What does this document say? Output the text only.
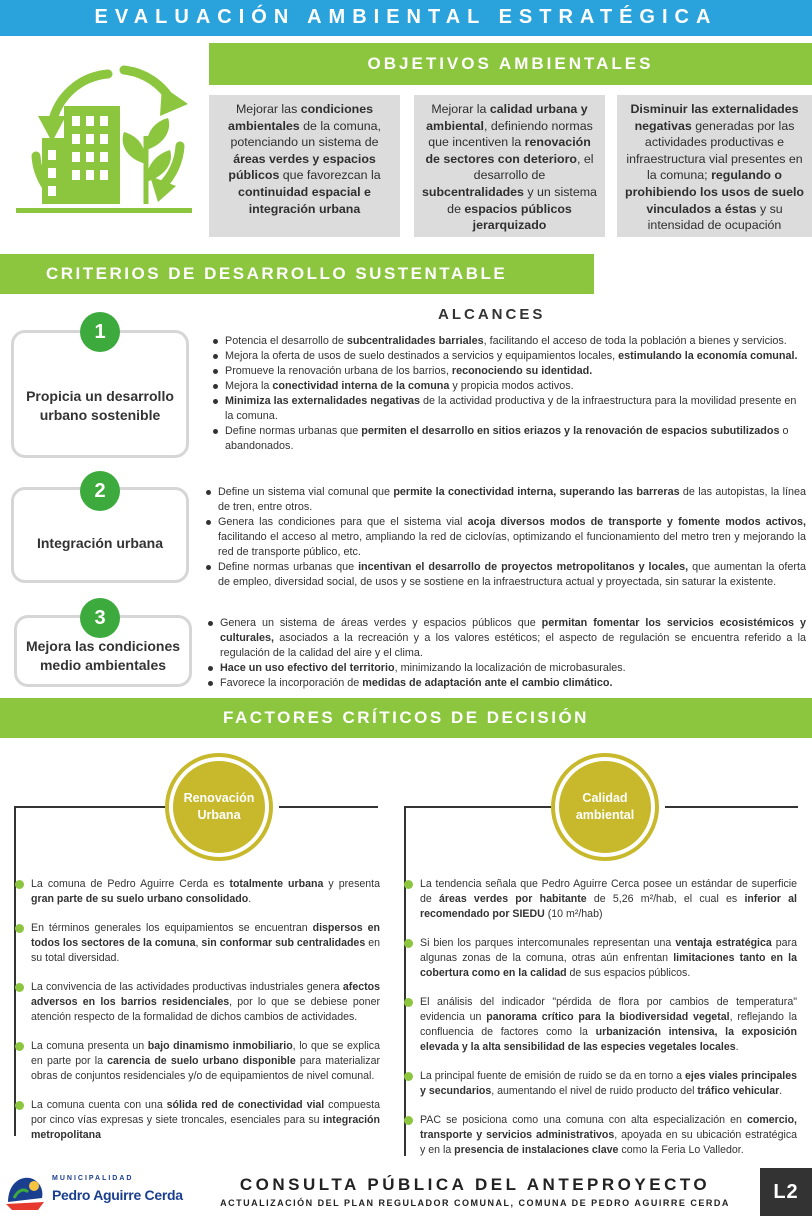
EVALUACIÓN AMBIENTAL ESTRATÉGICA
OBJETIVOS AMBIENTALES
Mejorar las condiciones ambientales de la comuna, potenciando un sistema de áreas verdes y espacios públicos que favorezcan la continuidad espacial e integración urbana
Mejorar la calidad urbana y ambiental, definiendo normas que incentiven la renovación de sectores con deterioro, el desarrollo de subcentralidades y un sistema de espacios públicos jerarquizado
Disminuir las externalidades negativas generadas por las actividades productivas e infraestructura vial presentes en la comuna; regulando o prohibiendo los usos de suelo vinculados a éstas y su intensidad de ocupación
CRITERIOS DE DESARROLLO SUSTENTABLE
ALCANCES
Propicia un desarrollo urbano sostenible
1	Potencia el desarrollo de subcentralidades barriales, facilitando el acceso de toda la población a bienes y servicios.
Mejora la oferta de usos de suelo destinados a servicios y equipamientos locales, estimulando la economía comunal.
Promueve la renovación urbana de los barrios, reconociendo su identidad.
Mejora la conectividad interna de la comuna y propicia modos activos.
Minimiza las externalidades negativas de la actividad productiva y de la infraestructura para la movilidad presente en la comuna.
Define normas urbanas que permiten el desarrollo en sitios eriazos y la renovación de espacios subutilizados o abandonados.
Integración urbana
2	Define un sistema vial comunal que permite la conectividad interna, superando las barreras de las autopistas, la línea de tren, entre otros.
Genera las condiciones para que el sistema vial acoja diversos modos de transporte y fomente modos activos, facilitando el acceso al metro, ampliando la red de ciclovías, optimizando el funcionamiento del metro tren y mejorando la red de transporte público, etc.
Define normas urbanas que incentivan el desarrollo de proyectos metropolitanos y locales, que aumentan la oferta de empleo, diversidad social, de usos y se sostiene en la infraestructura actual y proyectada, sin saturar la existente.
Mejora las condiciones medio ambientales
3	Genera un sistema de áreas verdes y espacios públicos que permitan fomentar los servicios ecosistémicos y culturales, asociados a la recreación y a los valores estéticos; el aspecto de regulación se encuentra referido a la regulación de la calidad del aire y el clima.
Hace un uso efectivo del territorio, minimizando la localización de microbasurales.
Favorece la incorporación de medidas de adaptación ante el cambio climático.
FACTORES CRÍTICOS DE DECISIÓN
Renovación Urbana
Calidad ambiental

La comuna de Pedro Aguirre Cerda es totalmente urbana y presenta gran parte de su suelo urbano consolidado.

En términos generales los equipamientos se encuentran dispersos en todos los sectores de la comuna, sin conformar sub centralidades en su total diversidad.

La convivencia de las actividades productivas industriales genera afectos adversos en los barrios residenciales, por lo que se debiese poner atención respecto de la formalidad de dichos cambios de actividades.

La comuna presenta un bajo dinamismo inmobiliario, lo que se explica en parte por la carencia de suelo urbano disponible para materializar obras de conjuntos residenciales y/o de equipamientos de nivel comunal.

La comuna cuenta con una sólida red de conectividad vial compuesta por cinco vías expresas y siete troncales, esenciales para su integración metropolitana

La tendencia señala que Pedro Aguirre Cerca posee un estándar de superficie de áreas verdes por habitante de 5,26 m²/hab, el cual es inferior al recomendado por SIEDU (10 m²/hab)

Si bien los parques intercomunales representan una ventaja estratégica para algunas zonas de la comuna, otras aún enfrentan limitaciones tanto en la cobertura como en la calidad de sus espacios públicos.

El análisis del indicador "pérdida de flora por cambios de temperatura" evidencia un panorama crítico para la biodiversidad vegetal, reflejando la confluencia de factores como la urbanización intensiva, la exposición elevada y la alta sensibilidad de las especies vegetales locales.

La principal fuente de emisión de ruido se da en torno a ejes viales principales y secundarios, aumentando el nivel de ruido producto del tráfico vehicular.

PAC se posiciona como una comuna con alta especialización en comercio, transporte y servicios administrativos, apoyada en su ubicación estratégica y en la presencia de instalaciones clave como la Feria Lo Valledor.

MUNICIPALIDAD
Pedro Aguirre Cerda
CONSULTA PÚBLICA DEL ANTEPROYECTO
ACTUALIZACIÓN DEL PLAN REGULADOR COMUNAL, COMUNA DE PEDRO AGUIRRE CERDA	L2
